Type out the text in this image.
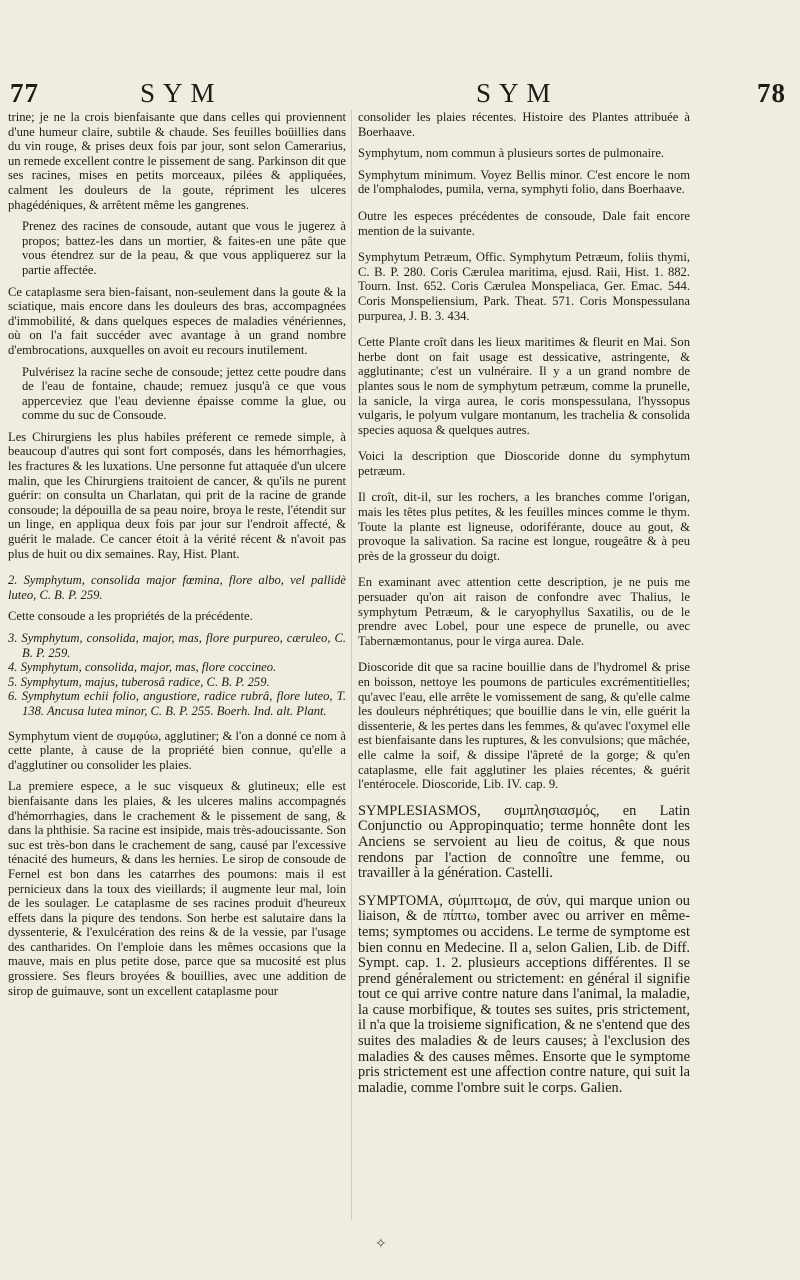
77	SYM	SYM	78

trine; je ne la crois bienfaisante que dans celles qui proviennent d'une humeur claire, subtile & chaude. Ses feuilles boüillies dans du vin rouge, & prises deux fois par jour, sont selon Camerarius, un remede excellent contre le pissement de sang. Parkinson dit que ses racines, mises en petits morceaux, pilées & appliquées, calment les douleurs de la goute, répriment les ulceres phagédéniques, & arrêtent même les gangrenes.

Prenez des racines de consoude, autant que vous le jugerez à propos; battez-les dans un mortier, & faites-en une pâte que vous étendrez sur de la peau, & que vous appliquerez sur la partie affectée.

Ce cataplasme sera bien-faisant, non-seulement dans la goute & la sciatique, mais encore dans les douleurs des bras, accompagnées d'immobilité, & dans quelques especes de maladies vénériennes, où on l'a fait succéder avec avantage à un grand nombre d'embrocations, auxquelles on avoit eu recours inutilement.

Pulvérisez la racine seche de consoude; jettez cette poudre dans de l'eau de fontaine, chaude; remuez jusqu'à ce que vous apperceviez que l'eau devienne épaisse comme la glue, ou comme du suc de Consoude.

Les Chirurgiens les plus habiles préferent ce remede simple, à beaucoup d'autres qui sont fort composés, dans les hémorrhagies, les fractures & les luxations. Une personne fut attaquée d'un ulcere malin, que les Chirurgiens traitoient de cancer, & qu'ils ne purent guérir: on consulta un Charlatan, qui prit de la racine de grande consoude; la dépouilla de sa peau noire, broya le reste, l'étendit sur un linge, en appliqua deux fois par jour sur l'endroit affecté, & guérit le malade. Ce cancer étoit à la vérité récent & n'avoit pas plus de huit ou dix semaines. Ray, Hist. Plant.

2. Symphytum, consolida major fœmina, flore albo, vel pallidè luteo, C. B. P. 259.

Cette consoude a les propriétés de la précédente.

3. Symphytum, consolida, major, mas, flore purpureo, cæruleo, C. B. P. 259.

4. Symphytum, consolida, major, mas, flore coccineo.

5. Symphytum, majus, tuberosâ radice, C. B. P. 259.

6. Symphytum echii folio, angustiore, radice rubrâ, flore luteo, T. 138. Ancusa lutea minor, C. B. P. 255. Boerh. Ind. alt. Plant.

Symphytum vient de συμφύω, agglutiner; & l'on a donné ce nom à cette plante, à cause de la propriété bien connue, qu'elle a d'agglutiner ou consolider les plaies.

La premiere espece, a le suc visqueux & glutineux; elle est bienfaisante dans les plaies, & les ulceres malins accompagnés d'hémorrhagies, dans le crachement & le pissement de sang, & dans la phthisie. Sa racine est insipide, mais très-adoucissante. Son suc est très-bon dans le crachement de sang, causé par l'excessive ténacité des humeurs, & dans les hernies. Le sirop de consoude de Fernel est bon dans les catarrhes des poumons: mais il est pernicieux dans la toux des vieillards; il augmente leur mal, loin de les soulager. Le cataplasme de ses racines produit d'heureux effets dans la piqure des tendons. Son herbe est salutaire dans la dyssenterie, & l'exulcération des reins & de la vessie, par l'usage des cantharides. On l'emploie dans les mêmes occasions que la mauve, mais en plus petite dose, parce que sa mucosité est plus grossiere. Ses fleurs broyées & bouillies, avec une addition de sirop de guimauve, sont un excellent cataplasme pour

consolider les plaies récentes. Histoire des Plantes attribuée à Boerhaave.

Symphytum, nom commun à plusieurs sortes de pulmonaire.

Symphytum minimum. Voyez Bellis minor. C'est encore le nom de l'omphalodes, pumila, verna, symphyti folio, dans Boerhaave.

Outre les especes précédentes de consoude, Dale fait encore mention de la suivante.

Symphytum Petræum, Offic. Symphytum Petræum, foliis thymi, C. B. P. 280. Coris Cærulea maritima, ejusd. Raii, Hist. 1. 882. Tourn. Inst. 652. Coris Cærulea Monspeliaca, Ger. Emac. 544. Coris Monspeliensium, Park. Theat. 571. Coris Monspessulana purpurea, J. B. 3. 434.

Cette Plante croît dans les lieux maritimes & fleurit en Mai. Son herbe dont on fait usage est dessicative, astringente, & agglutinante; c'est un vulnéraire. Il y a un grand nombre de plantes sous le nom de symphytum petræum, comme la prunelle, la sanicle, la virga aurea, le coris monspessulana, l'hyssopus vulgaris, le polyum vulgare montanum, les trachelia & consolida species aquosa & quelques autres.

Voici la description que Dioscoride donne du symphytum petræum.

Il croît, dit-il, sur les rochers, a les branches comme l'origan, mais les têtes plus petites, & les feuilles minces comme le thym. Toute la plante est ligneuse, odoriférante, douce au gout, & provoque la salivation. Sa racine est longue, rougeâtre & à peu près de la grosseur du doigt.

En examinant avec attention cette description, je ne puis me persuader qu'on ait raison de confondre avec Thalius, le symphytum Petræum, & le caryophyllus Saxatilis, ou de le prendre avec Lobel, pour une espece de prunelle, ou avec Tabernæmontanus, pour le virga aurea. Dale.

Dioscoride dit que sa racine bouillie dans de l'hydromel & prise en boisson, nettoye les poumons de particules excrémentitielles; qu'avec l'eau, elle arrête le vomissement de sang, & qu'elle calme les douleurs néphrétiques; que bouillie dans le vin, elle guérit la dissenterie, & les pertes dans les femmes, & qu'avec l'oxymel elle est bienfaisante dans les ruptures, & les convulsions; que mâchée, elle calme la soif, & dissipe l'âpreté de la gorge; & qu'en cataplasme, elle fait agglutiner les plaies récentes, & guérit l'entérocele. Dioscoride, Lib. IV. cap. 9.

SYMPLESIASMOS, συμπλησιασμός, en Latin Conjunctio ou Appropinquatio; terme honnête dont les Anciens se servoient au lieu de coitus, & que nous rendons par l'action de connoître une femme, ou travailler à la génération. Castelli.

SYMPTOMA, σύμπτωμα, de σύν, qui marque union ou liaison, & de πίπτω, tomber avec ou arriver en même-tems; symptomes ou accidens. Le terme de symptome est bien connu en Medecine. Il a, selon Galien, Lib. de Diff. Sympt. cap. 1. 2. plusieurs acceptions différentes. Il se prend généralement ou strictement: en général il signifie tout ce qui arrive contre nature dans l'animal, la maladie, la cause morbifique, & toutes ses suites, pris strictement, il n'a que la troisieme signification, & ne s'entend que des suites des maladies & de leurs causes; à l'exclusion des maladies & des causes mêmes. Ensorte que le symptome pris strictement est une affection contre nature, qui suit la maladie, comme l'ombre suit le corps. Galien.

✧
